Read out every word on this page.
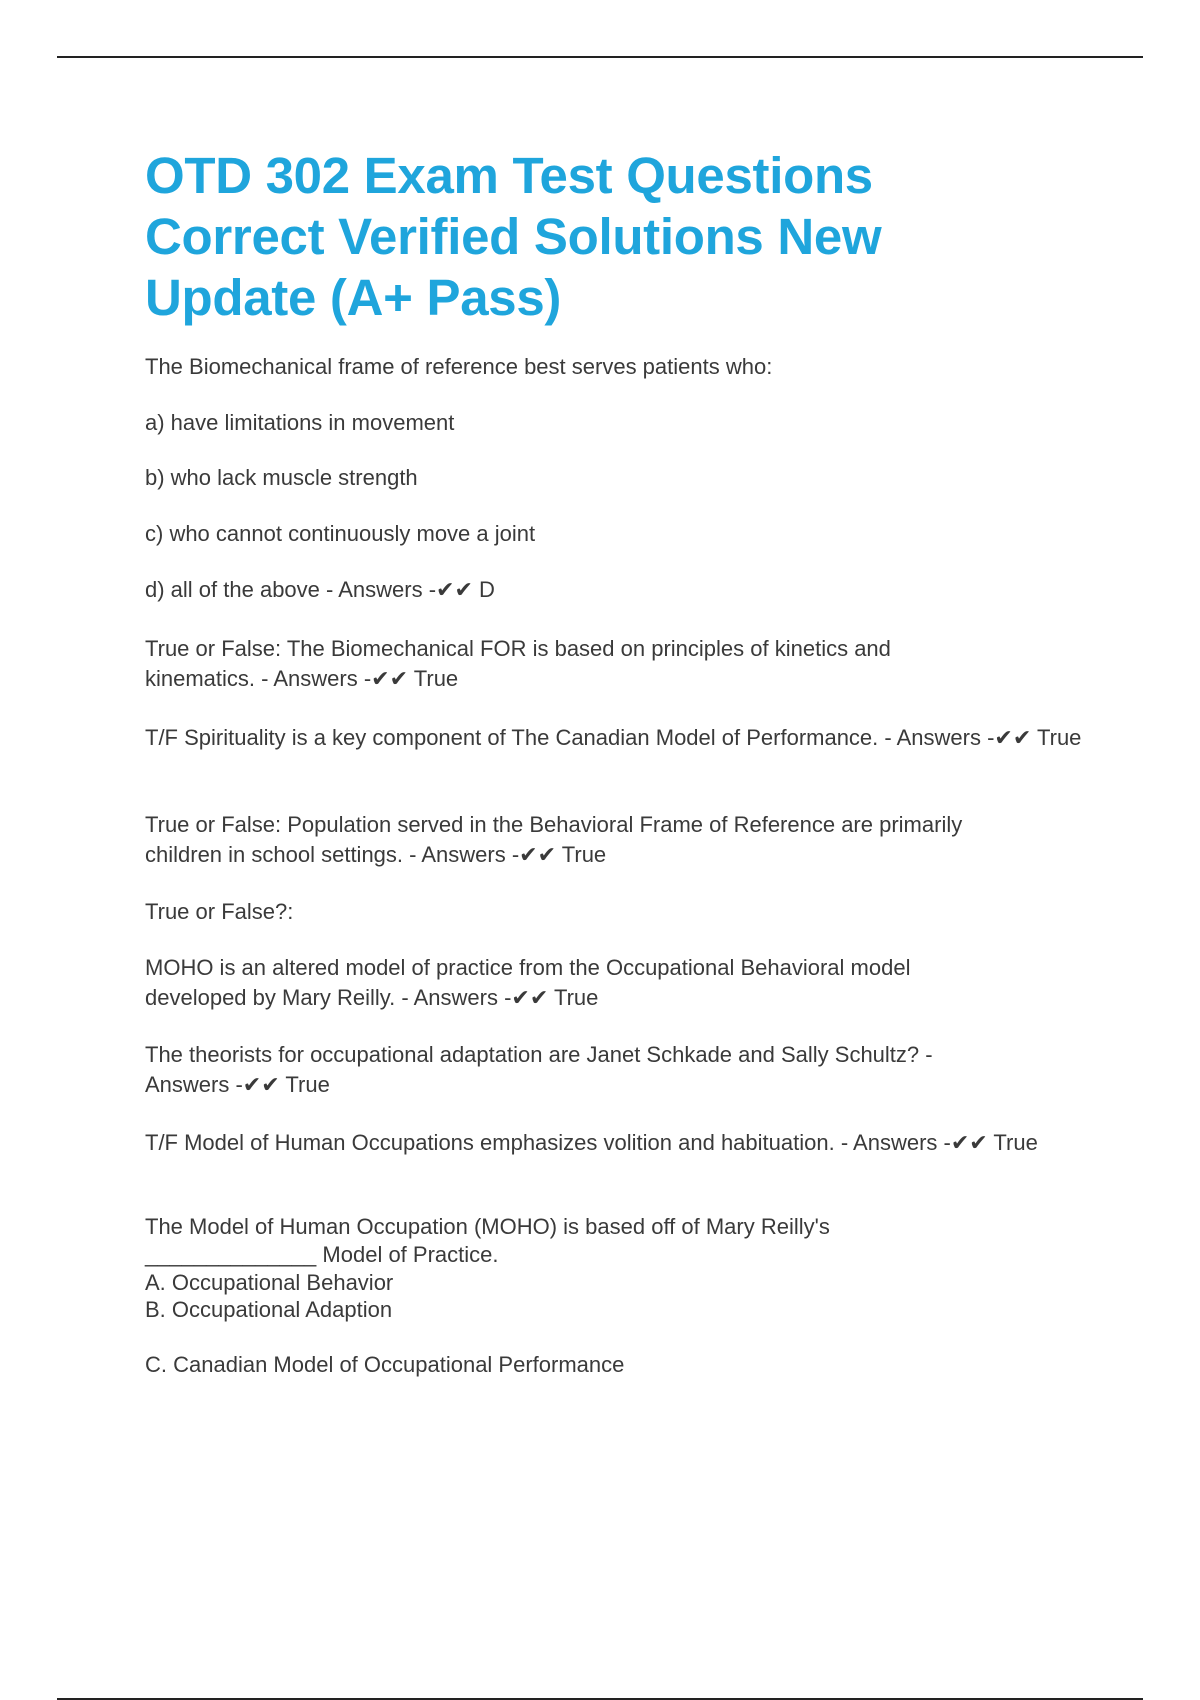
OTD 302 Exam Test Questions Correct Verified Solutions New Update (A+ Pass)

The Biomechanical frame of reference best serves patients who:

a) have limitations in movement

b) who lack muscle strength

c) who cannot continuously move a joint

d) all of the above - Answers -✔✔ D

True or False: The Biomechanical FOR is based on principles of kinetics and kinematics. - Answers -✔✔ True

T/F Spirituality is a key component of The Canadian Model of Performance. - Answers -✔✔ True

True or False: Population served in the Behavioral Frame of Reference are primarily children in school settings. - Answers -✔✔ True

True or False?:

MOHO is an altered model of practice from the Occupational Behavioral model developed by Mary Reilly. - Answers -✔✔ True

The theorists for occupational adaptation are Janet Schkade and Sally Schultz? - Answers -✔✔ True

T/F Model of Human Occupations emphasizes volition and habituation. - Answers -✔✔ True

The Model of Human Occupation (MOHO) is based off of Mary Reilly's ______________ Model of Practice.
A. Occupational Behavior

B. Occupational Adaption

C. Canadian Model of Occupational Performance
